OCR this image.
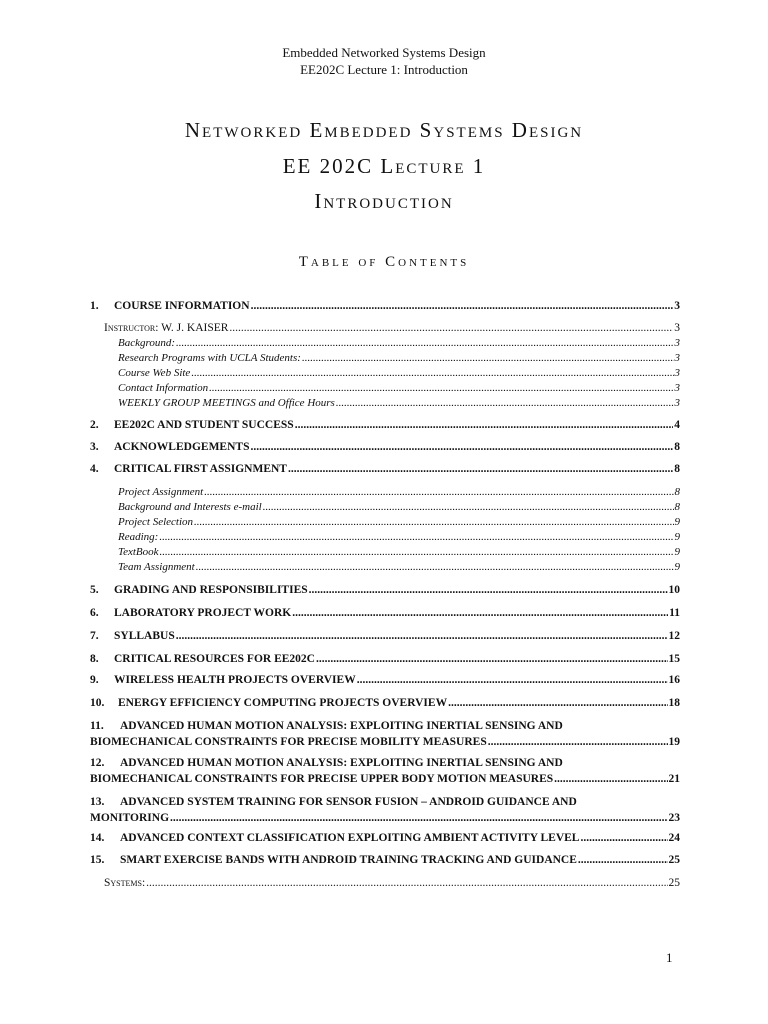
Embedded Networked Systems Design
EE202C Lecture 1: Introduction
Networked Embedded Systems Design
EE 202C Lecture 1
Introduction
Table of Contents
1. COURSE INFORMATION .....	3
Instructor: W. J. KAISER .....	3
Background: .....	3
Research Programs with UCLA Students: .....	3
Course Web Site .....	3
Contact Information .....	3
WEEKLY GROUP MEETINGS and Office Hours .....	3
2. EE202C AND STUDENT SUCCESS .....	4
3. ACKNOWLEDGEMENTS .....	8
4. CRITICAL FIRST ASSIGNMENT .....	8
Project Assignment .....	8
Background and Interests e-mail .....	8
Project Selection .....	9
Reading: .....	9
TextBook .....	9
Team Assignment .....	9
5. GRADING AND RESPONSIBILITIES .....	10
6. LABORATORY PROJECT WORK .....	11
7. SYLLABUS .....	12
8. CRITICAL RESOURCES FOR EE202C .....	15
9. WIRELESS HEALTH PROJECTS OVERVIEW .....	16
10. ENERGY EFFICIENCY COMPUTING PROJECTS OVERVIEW .....	18
11. ADVANCED HUMAN MOTION ANALYSIS: EXPLOITING INERTIAL SENSING AND
BIOMECHANICAL CONSTRAINTS FOR PRECISE MOBILITY MEASURES .....	19
12. ADVANCED HUMAN MOTION ANALYSIS: EXPLOITING INERTIAL SENSING AND
BIOMECHANICAL CONSTRAINTS FOR PRECISE UPPER BODY MOTION MEASURES .....	21
13. ADVANCED SYSTEM TRAINING FOR SENSOR FUSION – ANDROID GUIDANCE AND
MONITORING .....	23
14. ADVANCED CONTEXT CLASSIFICATION EXPLOITING AMBIENT ACTIVITY LEVEL .....	24
15. SMART EXERCISE BANDS WITH ANDROID TRAINING TRACKING AND GUIDANCE .....	25
Systems: .....	25
1
